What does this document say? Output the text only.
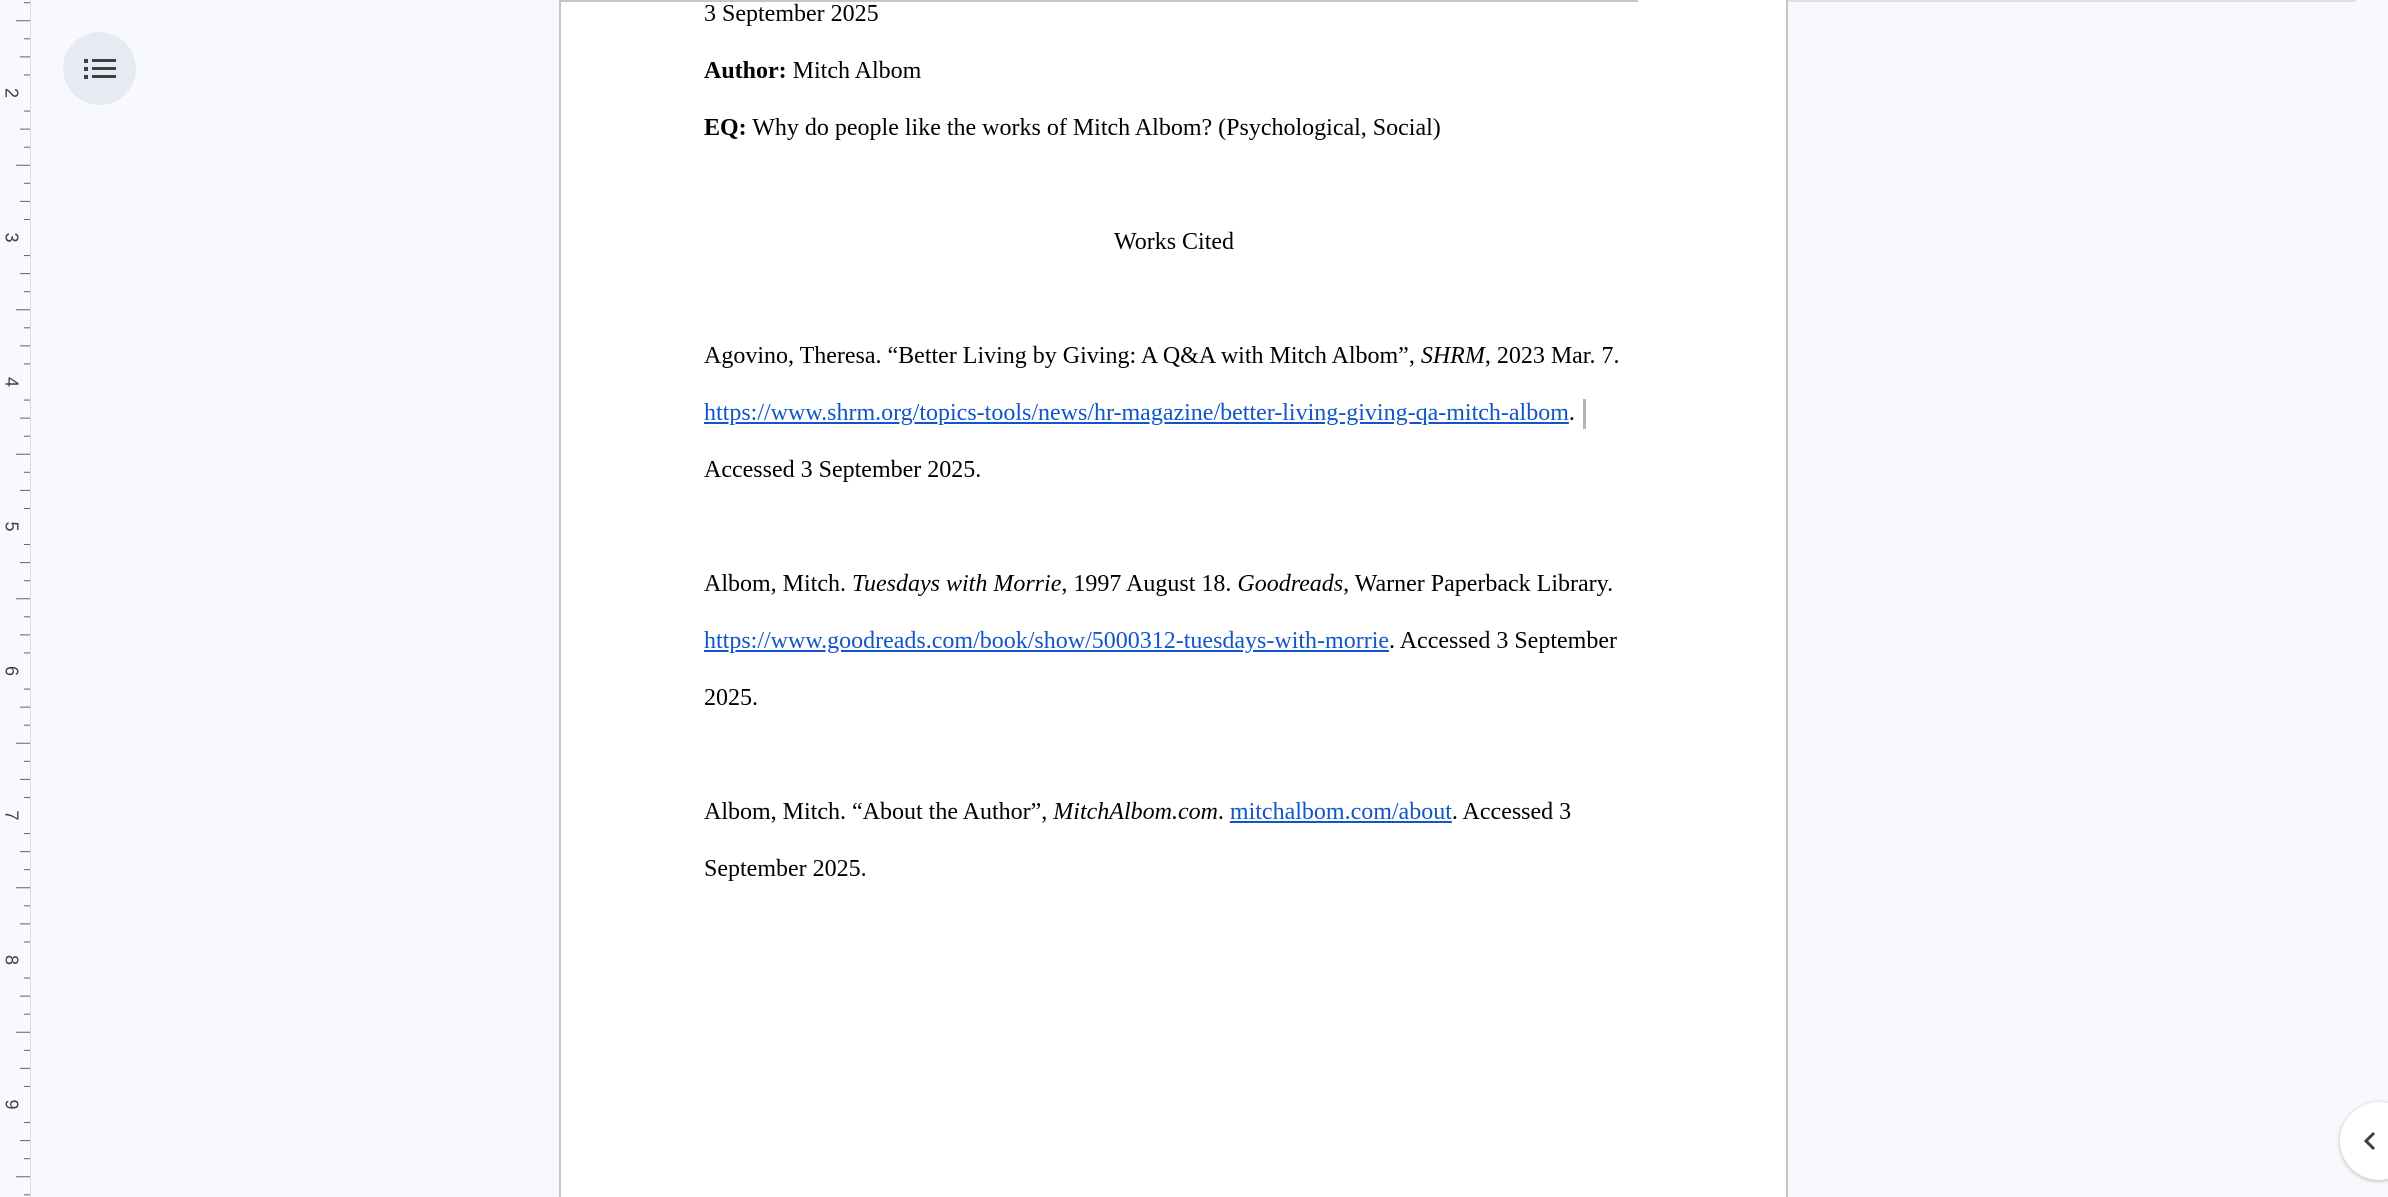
2
3
4
5
6
7
8
9
3 September 2025
Author: Mitch Albom
EQ: Why do people like the works of Mitch Albom? (Psychological, Social)
Works Cited
Agovino, Theresa. “Better Living by Giving: A Q&A with Mitch Albom”, SHRM, 2023 Mar. 7.
https://www.shrm.org/topics-tools/news/hr-magazine/better-living-giving-qa-mitch-albom.
Accessed 3 September 2025.
Albom, Mitch. Tuesdays with Morrie, 1997 August 18. Goodreads, Warner Paperback Library.
https://www.goodreads.com/book/show/5000312-tuesdays-with-morrie. Accessed 3 September
2025.
Albom, Mitch. “About the Author”, MitchAlbom.com. mitchalbom.com/about. Accessed 3
September 2025.
